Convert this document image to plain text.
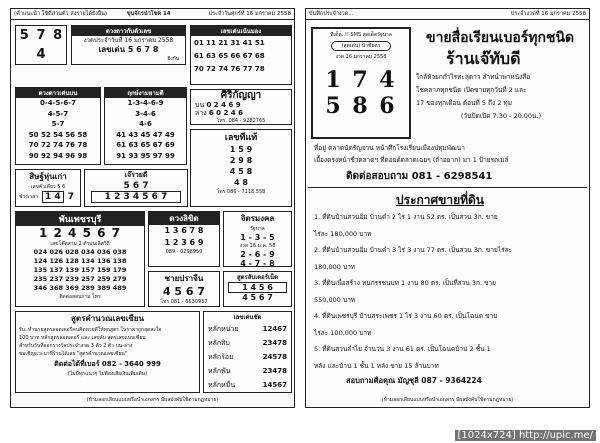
(คำแนะนำ ใช้ดีส่วนตัว ส่งรายได้ยั่งยืน)	ขุนจักรนำโชค 14	ประจำวันศุกร์ที่ 16 มกราคม 2558
5 7 8
4
ดวงดาวกับตัวเลข
งวดประจำวันที่ 16 มกราคม 2558
เลขเด่น 5 6 7 8
ยิงกับ
เลขเด่นเน้นมอง
01 11 21 31 41 51
61 63 65 66 67 68
70 72 74 76 77 78
ดวงดาวเด่นบน
0-4-5-6-7
4-5-7
5-7
50 52 54 56 58
70 72 74 76 78
90 92 94 96 98
ฤกษ์งามยามดี
1-3-4-6-9
3-4-6
4-6
41 43 45 47 49
61 63 65 67 69
91 93 95 97 99
ศิริกัญญา
บน 0 2 4 6 9
ล่าง 6 0 2 4 6
โทร. 084 - 9282765
สิษฐ์หุ่นเก่า
เลขตัวเดียว 5 6
ช่วงเวลา 1 4 7
เจ๊รวยดี
5 6 7
1 2 3 4 5 6 7
เลขทีแท้
1 5 9
2 9 8
4 5 8
4 8
โทร 086 - 7118 558
พันเพชรบุรี
1 2 4 5 6 7
เลขโต๊ดสาม 2 ตัวบนเลิศวิถี
024 026 028 034 036 038
124 126 128 134 136 138
135 137 139 157 159 179
235 237 239 257 259 279
346 368 369 289 389 489
ติดต่อสอบถาม โทร
ดวงลิขิต
1 3 6 7 8
1 2 3 6 9
089 - 0298950
จิตรมงคล
รัฐบาล
1 - 3 - 5
งวด 16.ม.ค. 58
2 - 6 - 9
4 - 7 - 8
ชายปราจีน
4 5 6 7
โทร 081 - 6630937
สูตรลับเดอร์เน็ต
1 4 5 6
4 5 6 7
สูตรคำนวณเลขเซียน
รับ..ทำนายสูตรลอตเตอรี่คนคิดหวยดีให้ทุกสูตร ในราคาถูกสุดสะใจ
100 บาท หลักสูตรลอตเตอรี่ และ เลขลับ สูตรเลขแบบเซียน
สำหรับวันที่ออกรางวัลประจำงวด 3 ตัว 2 ตัว บน-ล่าง
ขอเชิญแวะมาที่ร้านได้เลย "สูตรคำนวณเลขเซียน"
ติดต่อได้ที่เบอร์ 082 - 3640 999
(ไม่มีทุกแนวๆ ไม่ต้องเสียเงินเพิ่มเติม)
เลขเด่นชัด
หลักหน่วย	12467
หลักสิบ	23478
หลักร้อย	24578
หลักพัน	23478
หลักหมื่น	14567
(ห้ามลอกเลียนแบบหรือนำเอกสาร มีผลบังคับใช้ตามกฎหมาย)
บันทึกประจำงวด...	ประจำงวดที่ 16 มกราคม 2558
ทีเด็ด..!! SMS สุดเด็ดรัฐบาล
(สุดเด่น) นำชัยดา
งวด 16 มกราคม 2558
1 7 4
5 8 6
ขายสื่อเรียนเบอร์ทุกชนิด
ร้านเจ๊ทับดี
ใกล้หัวยกกำไรทะลุดาว ลำทนำพาหนังสือ
โชคลาภทุกชนิด เปิดขายทุกวันที่ 2 และ
17 ของทุกเดือน ต้อนที่ 5 ถึง 2 ทุ่ม
(วันปิดเปิด 7.30 - 20.00น.)
ที่อยู่ ตลาดนัดรัญจวน หน้าศึกโรงเรียนเมืองปทุมพัฒนา
เยื้องตรงหน้าชีวตลาดฯ ที่ดอยด์ตลาดเฉยๆ (ถ้าอยาก) มา 1 ป้ายรถเมล์
ติดต่อสอบถาม 081 - 6298541
ประกาศขายที่ดิน
1. ที่ดินบ้านสวนอิ่ม บ้านดำ 2 ไร่ 1 งาน 52 ตร. เป็นสวน 3ก. ขาย
ไร่ละ 180,000 บาท
2. ที่ดินบ้านสวนอิ่ม บ้านคำ 3 ไร่ 3 งาน 77 ตร. เป็นสวน 3ก. ขายไร่ละ
180,000 บาท
3. ที่ดินเพื่อสร้าง ทนกรรชนบท 1 งาน 80 ตร. เป็นที่สวน 3ก. ขาย
550,000 บาท
4. ที่ดินเพชรบุรี บ้านสระเพชร 1 ไร่ 3 งาน 60 ตร. เป็นโฉนด ขาย
ไร่ละ 100,000 บาท
5. ที่ดินสวนลำไย จำนวน 3 งาน 61 ตร. เป็นโฉนดบ้าน 2 ชั้น 1
หลัง และบ้าน 1 ชั้น 1 หลัง ขาย 15 ล้านบาท
สอบถามคือคุณ มัญชุลี 087 - 9364224
(ห้ามลอกเลียนแบบหรือนำเอกสาร มีผลบังคับใช้ตามกฎหมาย)
[1024x724] http://upic.me/
